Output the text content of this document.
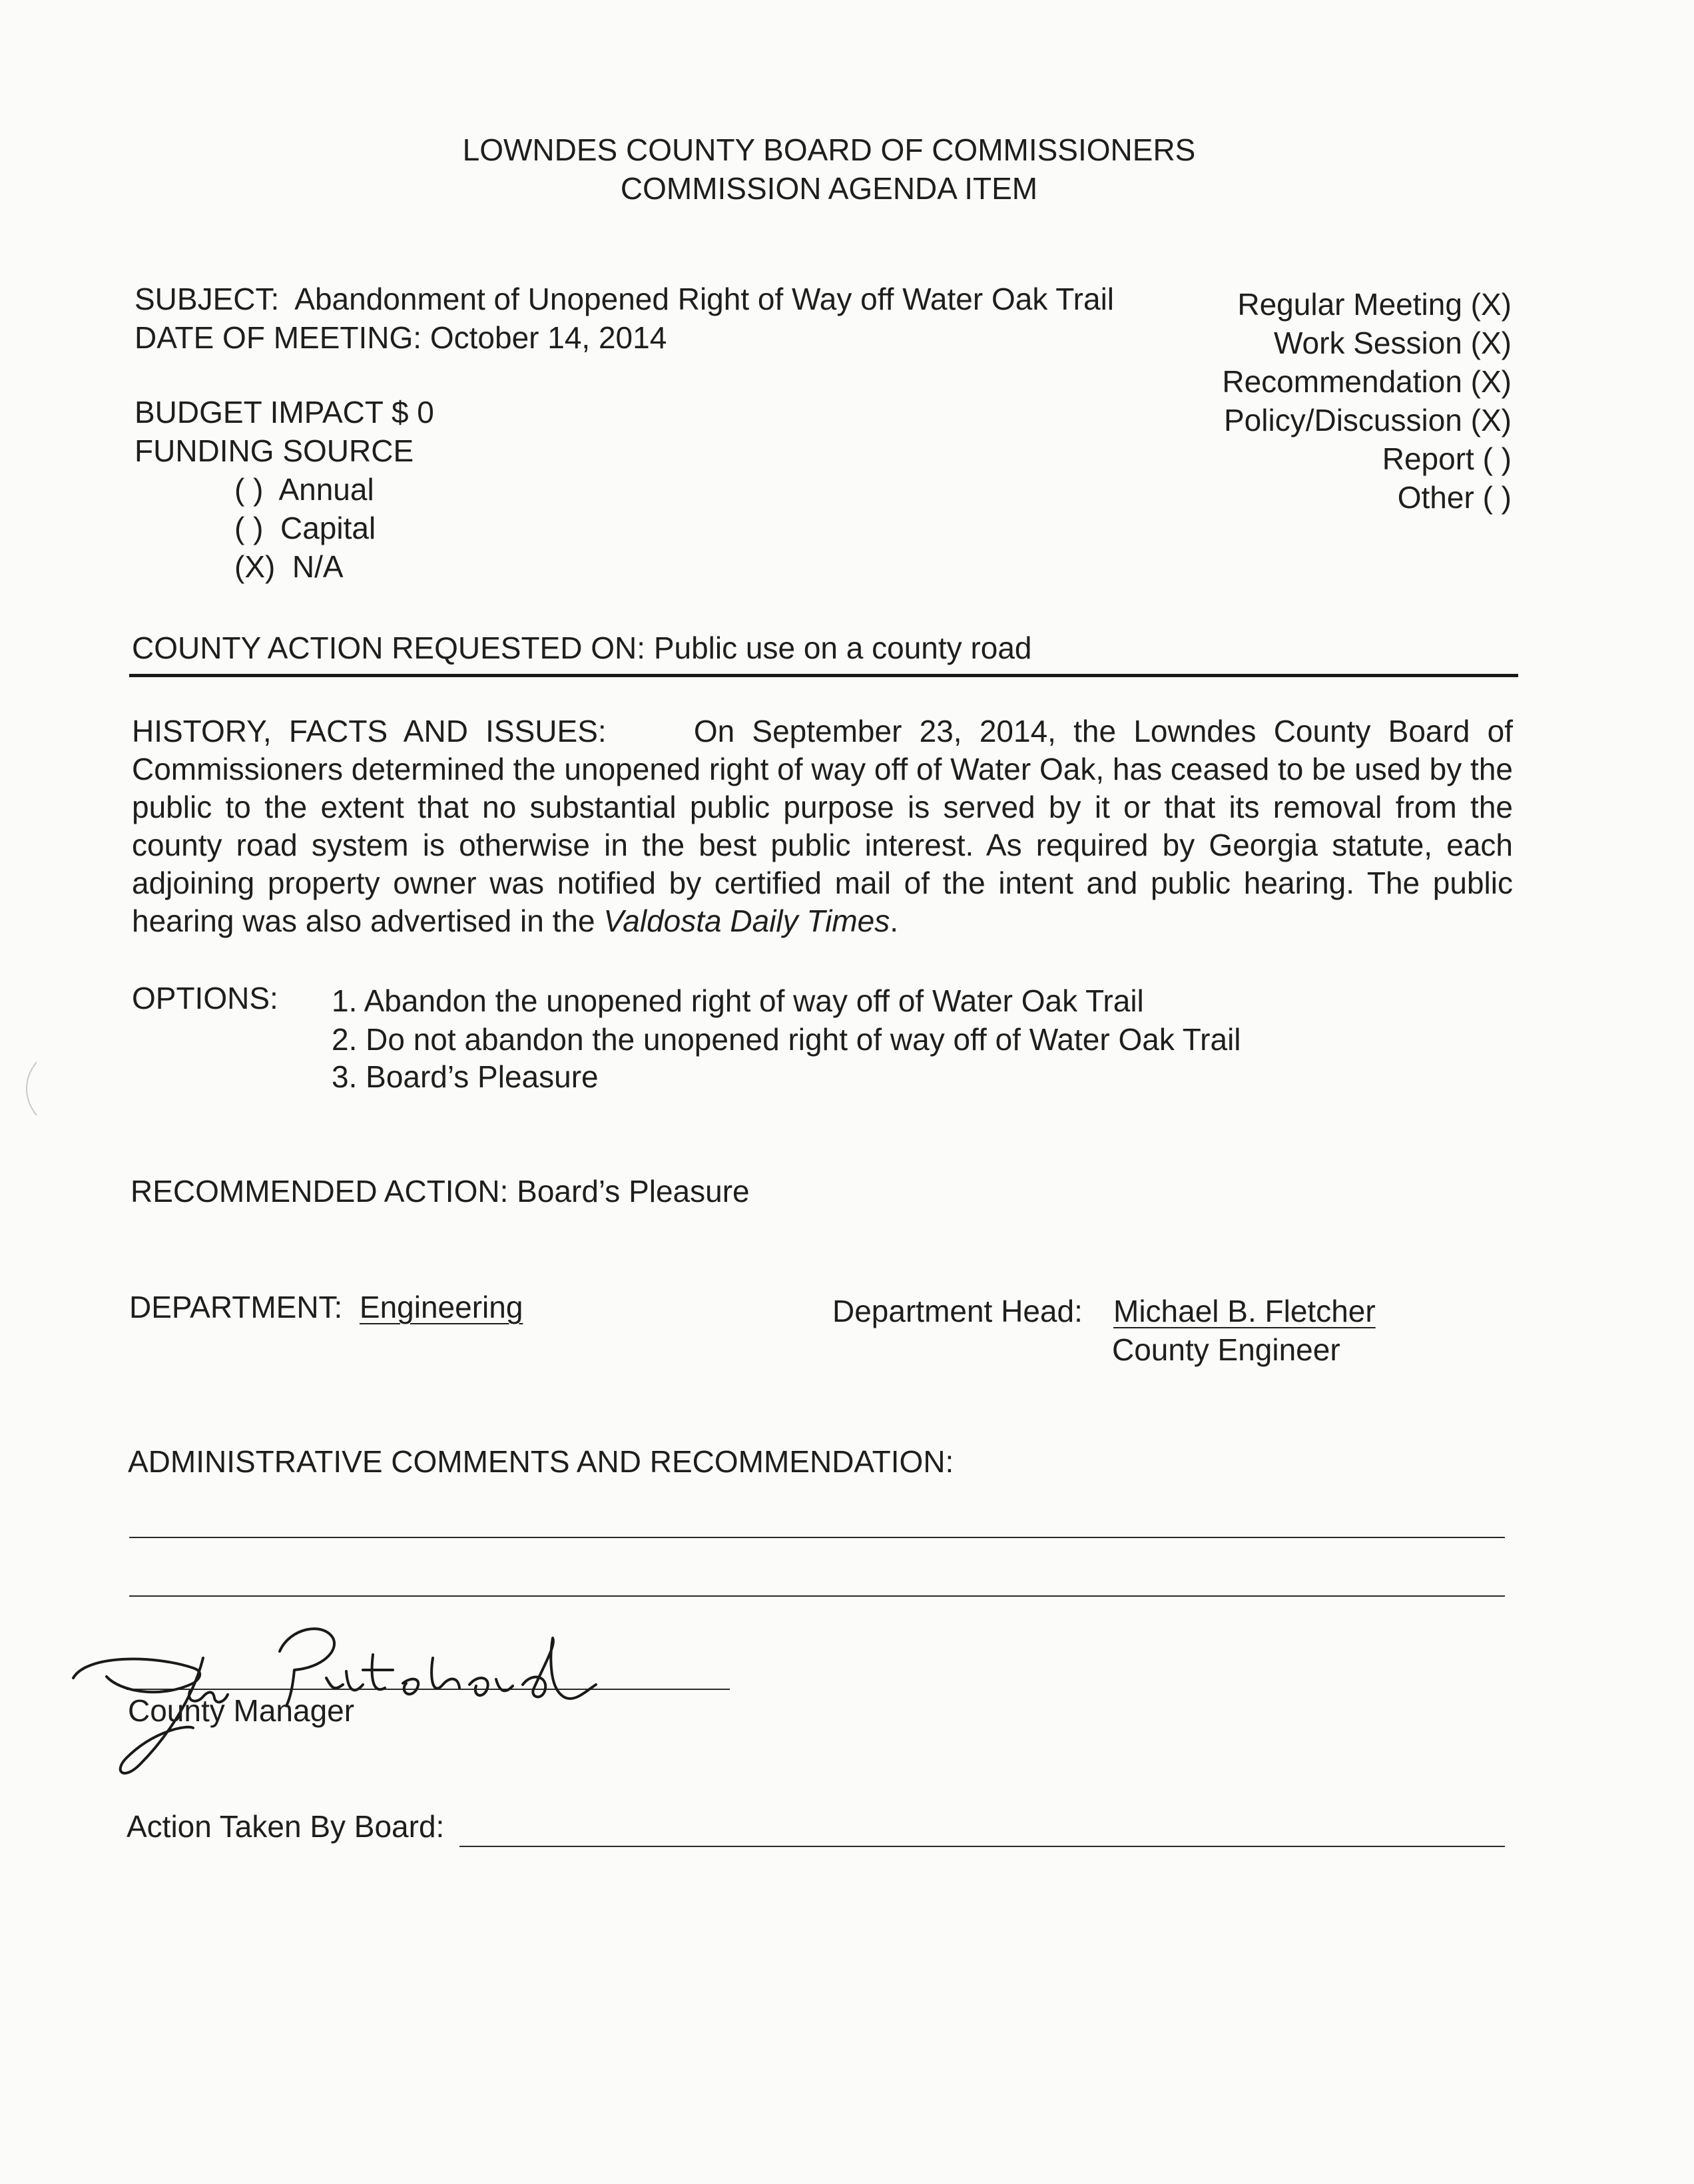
LOWNDES COUNTY BOARD OF COMMISSIONERS
COMMISSION AGENDA ITEM
SUBJECT: Abandonment of Unopened Right of Way off Water Oak Trail
DATE OF MEETING: October 14, 2014
Regular Meeting (X)
Work Session (X)
Recommendation (X)
Policy/Discussion (X)
Report ( )
Other ( )
BUDGET IMPACT $ 0
FUNDING SOURCE
( )  Annual
( )  Capital
(X)  N/A
COUNTY ACTION REQUESTED ON: Public use on a county road
HISTORY, FACTS AND ISSUES:	On September 23, 2014, the Lowndes County Board of Commissioners determined the unopened right of way off of Water Oak, has ceased to be used by the public to the extent that no substantial public purpose is served by it or that its removal from the county road system is otherwise in the best public interest. As required by Georgia statute, each adjoining property owner was notified by certified mail of the intent and public hearing. The public hearing was also advertised in the Valdosta Daily Times.
OPTIONS: 1. Abandon the unopened right of way off of Water Oak Trail
2. Do not abandon the unopened right of way off of Water Oak Trail
3. Board’s Pleasure
RECOMMENDED ACTION: Board’s Pleasure
DEPARTMENT: Engineering	Department Head: Michael B. Fletcher
County Engineer
ADMINISTRATIVE COMMENTS AND RECOMMENDATION:
County Manager
Action Taken By Board:
